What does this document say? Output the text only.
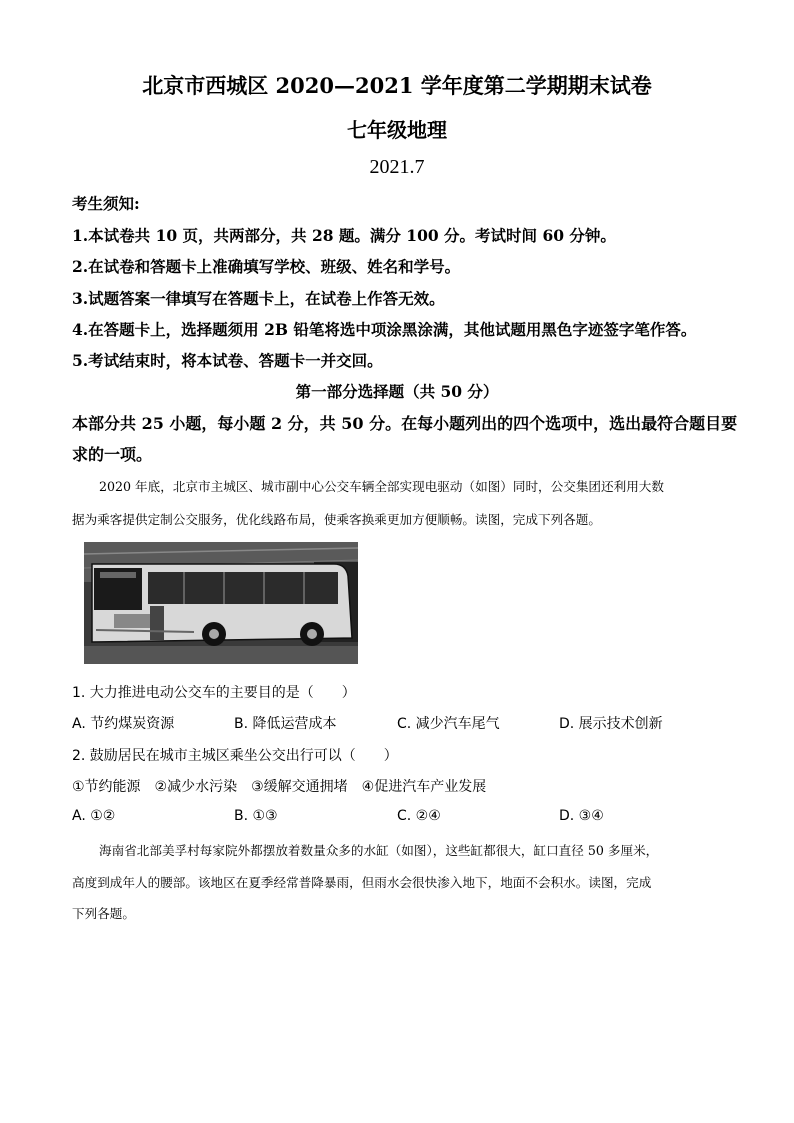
北京市西城区 2020—2021 学年度第二学期期末试卷
七年级地理
2021.7
考生须知:
1.本试卷共 10 页，共两部分，共 28 题。满分 100 分。考试时间 60 分钟。
2.在试卷和答题卡上准确填写学校、班级、姓名和学号。
3.试题答案一律填写在答题卡上，在试卷上作答无效。
4.在答题卡上，选择题须用 2B 铅笔将选中项涂黑涂满，其他试题用黑色字迹签字笔作答。
5.考试结束时，将本试卷、答题卡一并交回。
第一部分选择题（共 50 分）
本部分共 25 小题，每小题 2 分，共 50 分。在每小题列出的四个选项中，选出最符合题目要
求的一项。
2020 年底，北京市主城区、城市副中心公交车辆全部实现电驱动（如图）同时，公交集团还利用大数
据为乘客提供定制公交服务，优化线路布局，使乘客换乘更加方便顺畅。读图，完成下列各题。
1. 大力推进电动公交车的主要目的是（　　）
A. 节约煤炭资源	B. 降低运营成本	C. 减少汽车尾气	D. 展示技术创新
2. 鼓励居民在城市主城区乘坐公交出行可以（　　）
①节约能源　②减少水污染　③缓解交通拥堵　④促进汽车产业发展
A. ①②	B. ①③	C. ②④	D. ③④
海南省北部美孚村每家院外都摆放着数量众多的水缸（如图），这些缸都很大，缸口直径 50 多厘米，
高度到成年人的腰部。该地区在夏季经常普降暴雨，但雨水会很快渗入地下，地面不会积水。读图，完成
下列各题。
